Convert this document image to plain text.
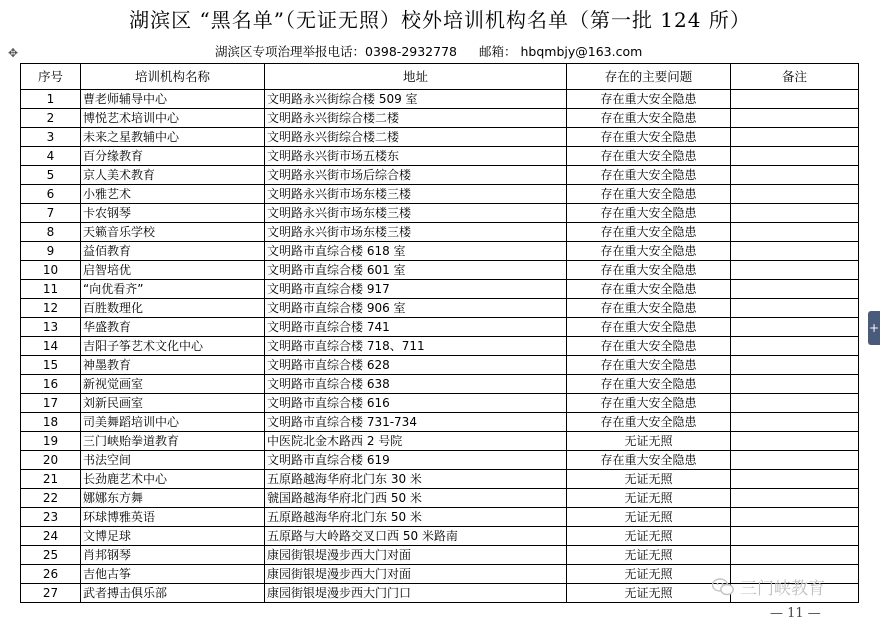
湖滨区 “黑名单”（无证无照）校外培训机构名单（第一批 124 所）
✥	湖滨区专项治理举报电话：0398-2932778 邮箱： hbqmbjy@163.com
序号	培训机构名称	地址	存在的主要问题	备注
1	曹老师辅导中心	文明路永兴街综合楼 509 室	存在重大安全隐患	
2	博悦艺术培训中心	文明路永兴街综合楼二楼	存在重大安全隐患	
3	未来之星教辅中心	文明路永兴街综合楼二楼	存在重大安全隐患	
4	百分缘教育	文明路永兴街市场五楼东	存在重大安全隐患	
5	京人美术教育	文明路永兴街市场后综合楼	存在重大安全隐患	
6	小雅艺术	文明路永兴街市场东楼三楼	存在重大安全隐患	
7	卡农钢琴	文明路永兴街市场东楼三楼	存在重大安全隐患	
8	天籁音乐学校	文明路永兴街市场东楼三楼	存在重大安全隐患	
9	益佰教育	文明路市直综合楼 618 室	存在重大安全隐患	
10	启智培优	文明路市直综合楼 601 室	存在重大安全隐患	
11	“向优看齐”	文明路市直综合楼 917	存在重大安全隐患	
12	百胜数理化	文明路市直综合楼 906 室	存在重大安全隐患	
13	华盛教育	文明路市直综合楼 741	存在重大安全隐患	
14	吉阳子筝艺术文化中心	文明路市直综合楼 718、711	存在重大安全隐患	
15	神墨教育	文明路市直综合楼 628	存在重大安全隐患	
16	新视觉画室	文明路市直综合楼 638	存在重大安全隐患	
17	刘新民画室	文明路市直综合楼 616	存在重大安全隐患	
18	司美舞蹈培训中心	文明路市直综合楼 731-734	存在重大安全隐患	
19	三门峡贻拳道教育	中医院北金木路西 2 号院	无证无照	
20	书法空间	文明路市直综合楼 619	存在重大安全隐患	
21	长劲鹿艺术中心	五原路越海华府北门东 30 米	无证无照	
22	娜娜东方舞	虢国路越海华府北门西 50 米	无证无照	
23	环球博雅英语	五原路越海华府北门东 50 米	无证无照	
24	文博足球	五原路与大岭路交叉口西 50 米路南	无证无照	
25	肖邦钢琴	康园街银堤漫步西大门对面	无证无照	
26	吉他古筝	康园街银堤漫步西大门对面	无证无照	
27	武者搏击俱乐部	康园街银堤漫步西大门门口	无证无照	
+
三门峡教育
— 11 —
